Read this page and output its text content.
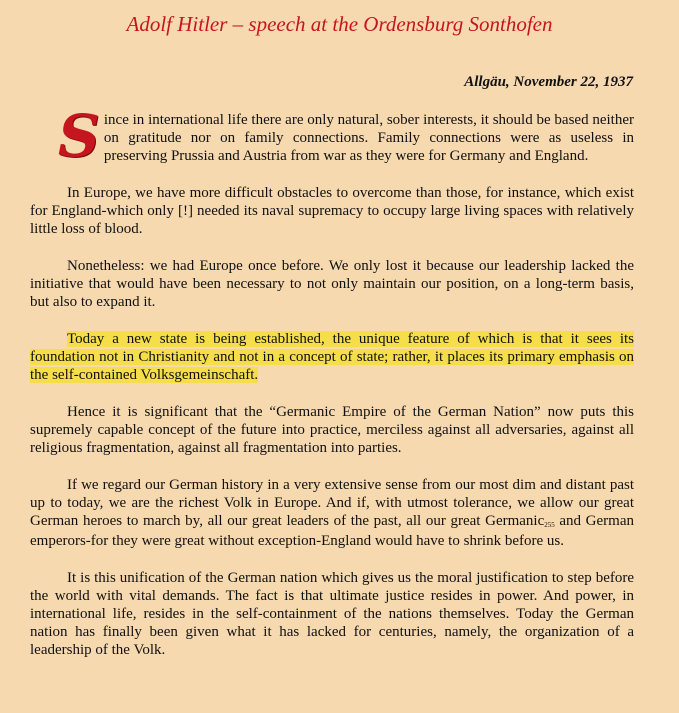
Adolf Hitler – speech at the Ordensburg Sonthofen
Allgäu, November 22, 1937

Since in international life there are only natural, sober interests, it should be based neither on gratitude nor on family connections. Family connections were as useless in preserving Prussia and Austria from war as they were for Germany and England.

In Europe, we have more difficult obstacles to overcome than those, for instance, which exist for England-which only [!] needed its naval supremacy to occupy large living spaces with relatively little loss of blood.

Nonetheless: we had Europe once before. We only lost it because our leadership lacked the initiative that would have been necessary to not only maintain our position, on a long-term basis, but also to expand it.

Today a new state is being established, the unique feature of which is that it sees its foundation not in Christianity and not in a concept of state; rather, it places its primary emphasis on the self-contained Volksgemeinschaft.

Hence it is significant that the “Germanic Empire of the German Nation” now puts this supremely capable concept of the future into practice, merciless against all adversaries, against all religious fragmentation, against all fragmentation into parties.

If we regard our German history in a very extensive sense from our most dim and distant past up to today, we are the richest Volk in Europe. And if, with utmost tolerance, we allow our great German heroes to march by, all our great leaders of the past, all our great Germanic$_{255}$ and German emperors-for they were great without exception-England would have to shrink before us.

It is this unification of the German nation which gives us the moral justification to step before the world with vital demands. The fact is that ultimate justice resides in power. And power, in international life, resides in the self-containment of the nations themselves. Today the German nation has finally been given what it has lacked for centuries, namely, the organization of a leadership of the Volk.
